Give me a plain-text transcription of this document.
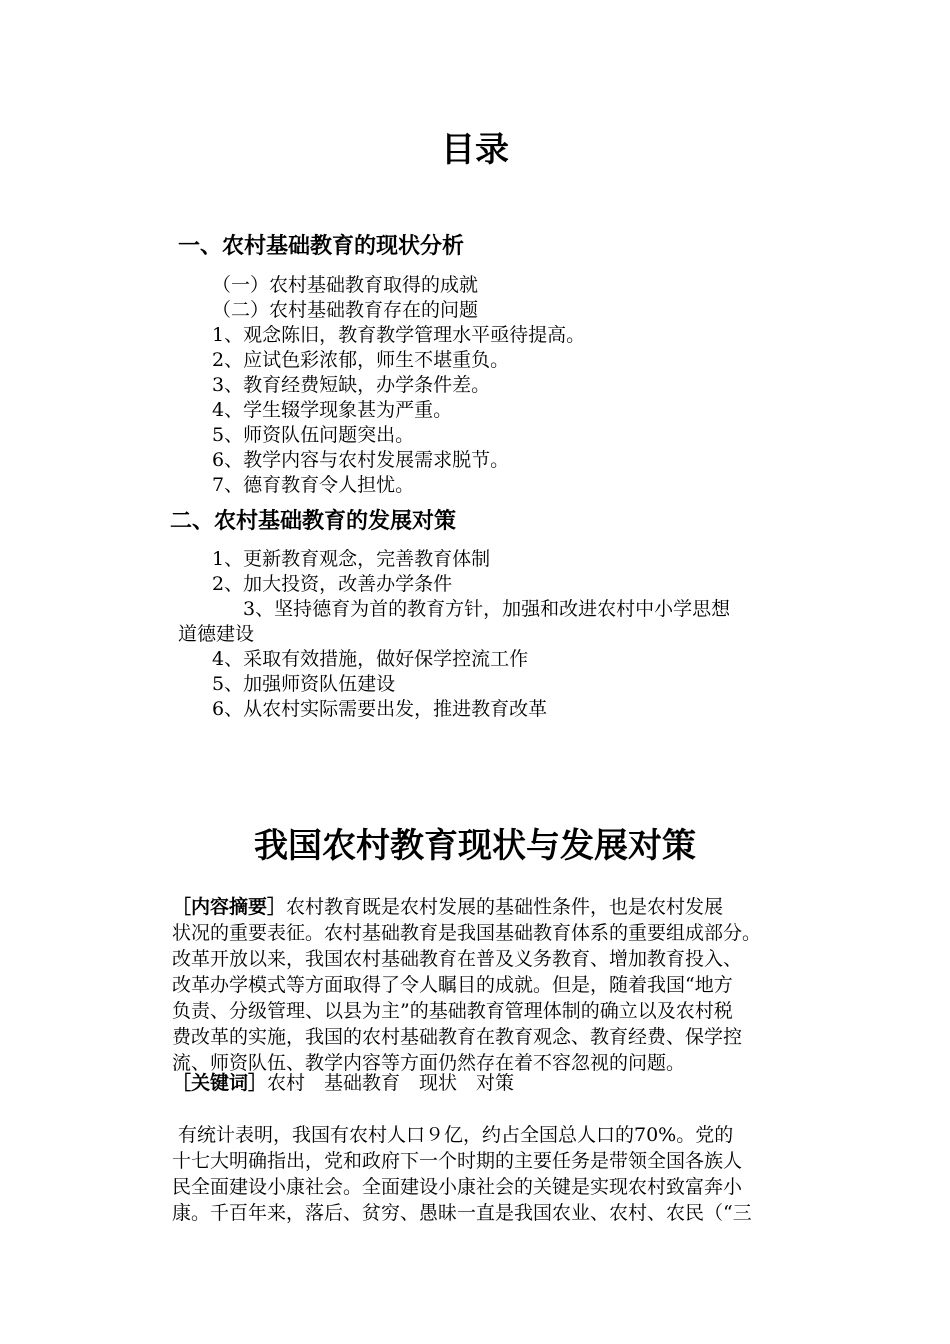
目录
一、农村基础教育的现状分析
（一）农村基础教育取得的成就
（二）农村基础教育存在的问题
1、观念陈旧，教育教学管理水平亟待提高。
2、应试色彩浓郁，师生不堪重负。
3、教育经费短缺，办学条件差。
4、学生辍学现象甚为严重。
5、师资队伍问题突出。
6、教学内容与农村发展需求脱节。
7、德育教育令人担忧。
二、农村基础教育的发展对策
1、更新教育观念，完善教育体制
2、加大投资，改善办学条件
3、坚持德育为首的教育方针，加强和改进农村中小学思想
道德建设
4、采取有效措施，做好保学控流工作
5、加强师资队伍建设
6、从农村实际需要出发，推进教育改革
我国农村教育现状与发展对策
［内容摘要］农村教育既是农村发展的基础性条件，也是农村发展
状况的重要表征。农村基础教育是我国基础教育体系的重要组成部分。
改革开放以来，我国农村基础教育在普及义务教育、增加教育投入、
改革办学模式等方面取得了令人瞩目的成就。但是，随着我国“地方
负责、分级管理、以县为主”的基础教育管理体制的确立以及农村税
费改革的实施，我国的农村基础教育在教育观念、教育经费、保学控
流、师资队伍、教学内容等方面仍然存在着不容忽视的问题。
［关键词］农村　基础教育　现状　对策
有统计表明，我国有农村人口９亿，约占全国总人口的70%。党的
十七大明确指出，党和政府下一个时期的主要任务是带领全国各族人
民全面建设小康社会。全面建设小康社会的关键是实现农村致富奔小
康。千百年来，落后、贫穷、愚昧一直是我国农业、农村、农民（“三
